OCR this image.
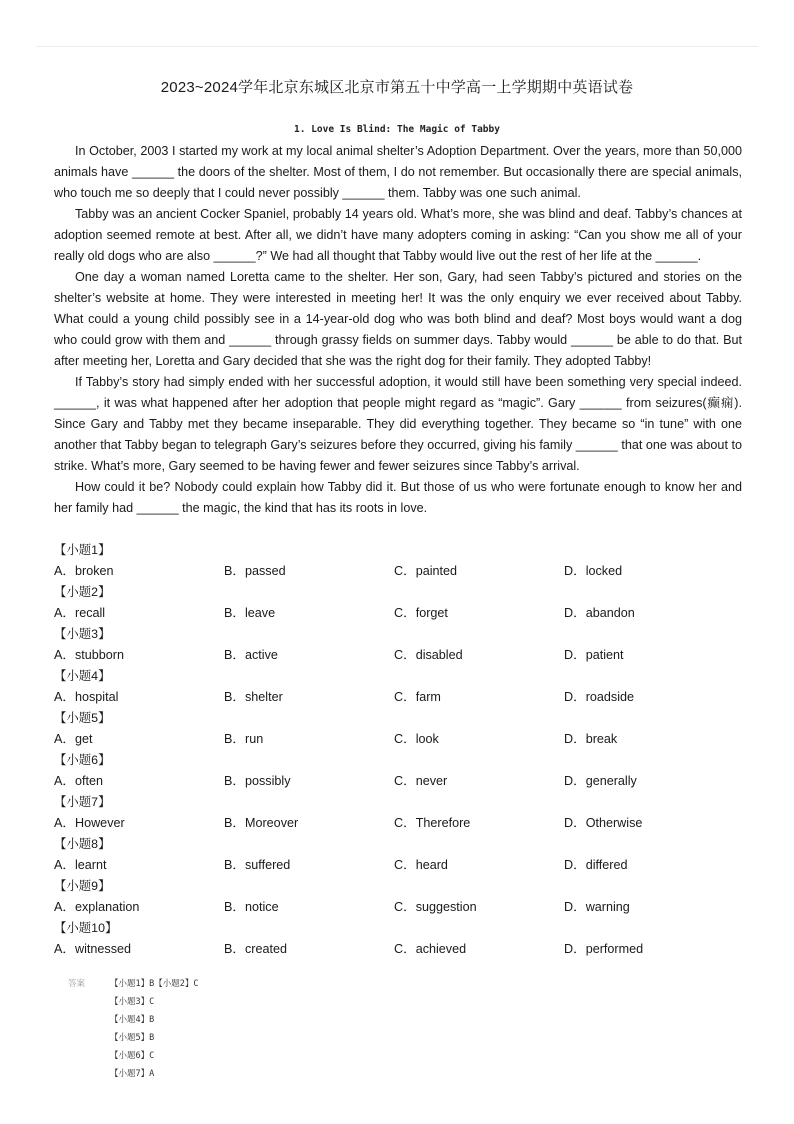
2023~2024学年北京东城区北京市第五十中学高一上学期期中英语试卷
1. Love Is Blind: The Magic of Tabby

In October, 2003 I started my work at my local animal shelter’s Adoption Department. Over the years, more than 50,000 animals have ______ the doors of the shelter. Most of them, I do not remember. But occasionally there are special animals, who touch me so deeply that I could never possibly ______ them. Tabby was one such animal.

Tabby was an ancient Cocker Spaniel, probably 14 years old. What’s more, she was blind and deaf. Tabby’s chances at adoption seemed remote at best. After all, we didn’t have many adopters coming in asking: “Can you show me all of your really old dogs who are also ______?” We had all thought that Tabby would live out the rest of her life at the ______.

One day a woman named Loretta came to the shelter. Her son, Gary, had seen Tabby’s pictured and stories on the shelter’s website at home. They were interested in meeting her! It was the only enquiry we ever received about Tabby. What could a young child possibly see in a 14-year-old dog who was both blind and deaf? Most boys would want a dog who could grow with them and ______ through grassy fields on summer days. Tabby would ______ be able to do that. But after meeting her, Loretta and Gary decided that she was the right dog for their family. They adopted Tabby!

If Tabby’s story had simply ended with her successful adoption, it would still have been something very special indeed. ______, it was what happened after her adoption that people might regard as “magic”. Gary ______ from seizures(癫痫). Since Gary and Tabby met they became inseparable. They did everything together. They became so “in tune” with one another that Tabby began to telegraph Gary’s seizures before they occurred, giving his family ______ that one was about to strike. What’s more, Gary seemed to be having fewer and fewer seizures since Tabby’s arrival.

How could it be? Nobody could explain how Tabby did it. But those of us who were fortunate enough to know her and her family had ______ the magic, the kind that has its roots in love.

【小题1】
A．broken	B．passed	C．painted	D．locked
【小题2】
A．recall	B．leave	C．forget	D．abandon
【小题3】
A．stubborn	B．active	C．disabled	D．patient
【小题4】
A．hospital	B．shelter	C．farm	D．roadside
【小题5】
A．get	B．run	C．look	D．break
【小题6】
A．often	B．possibly	C．never	D．generally
【小题7】
A．However	B．Moreover	C．Therefore	D．Otherwise
【小题8】
A．learnt	B．suffered	C．heard	D．differed
【小题9】
A．explanation	B．notice	C．suggestion	D．warning
【小题10】
A．witnessed	B．created	C．achieved	D．performed
答案	【小题1】B【小题2】C
【小题3】C
【小题4】B
【小题5】B
【小题6】C
【小题7】A
